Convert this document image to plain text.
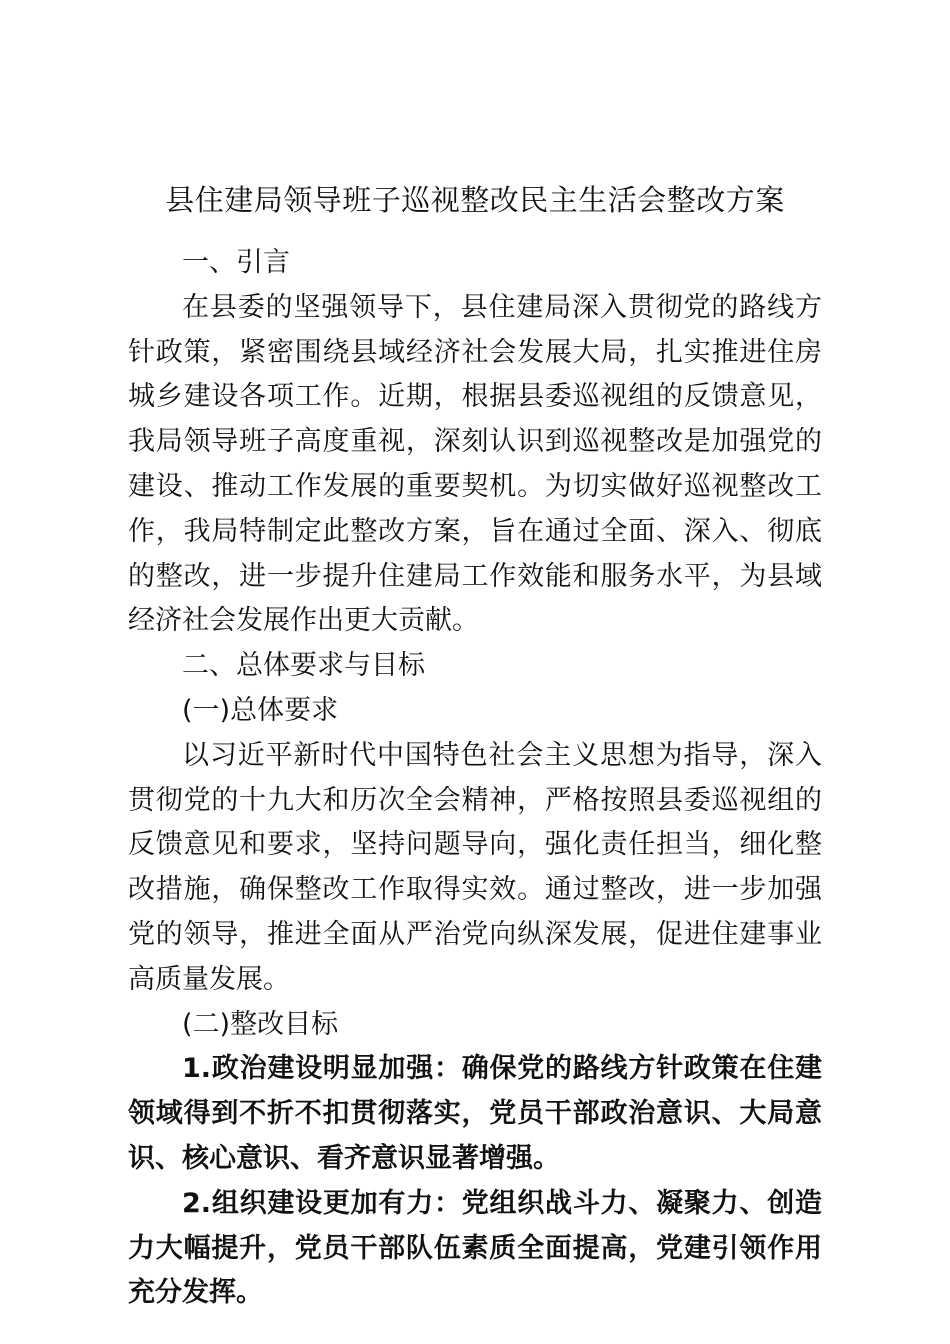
县住建局领导班子巡视整改民主生活会整改方案

一、引言

在县委的坚强领导下，县住建局深入贯彻党的路线方针政策，紧密围绕县域经济社会发展大局，扎实推进住房城乡建设各项工作。近期，根据县委巡视组的反馈意见，我局领导班子高度重视，深刻认识到巡视整改是加强党的建设、推动工作发展的重要契机。为切实做好巡视整改工作，我局特制定此整改方案，旨在通过全面、深入、彻底的整改，进一步提升住建局工作效能和服务水平，为县域经济社会发展作出更大贡献。

二、总体要求与目标

(一)总体要求

以习近平新时代中国特色社会主义思想为指导，深入贯彻党的十九大和历次全会精神，严格按照县委巡视组的反馈意见和要求，坚持问题导向，强化责任担当，细化整改措施，确保整改工作取得实效。通过整改，进一步加强党的领导，推进全面从严治党向纵深发展，促进住建事业高质量发展。

(二)整改目标

1.政治建设明显加强：确保党的路线方针政策在住建领域得到不折不扣贯彻落实，党员干部政治意识、大局意识、核心意识、看齐意识显著增强。

2.组织建设更加有力：党组织战斗力、凝聚力、创造力大幅提升，党员干部队伍素质全面提高，党建引领作用充分发挥。
